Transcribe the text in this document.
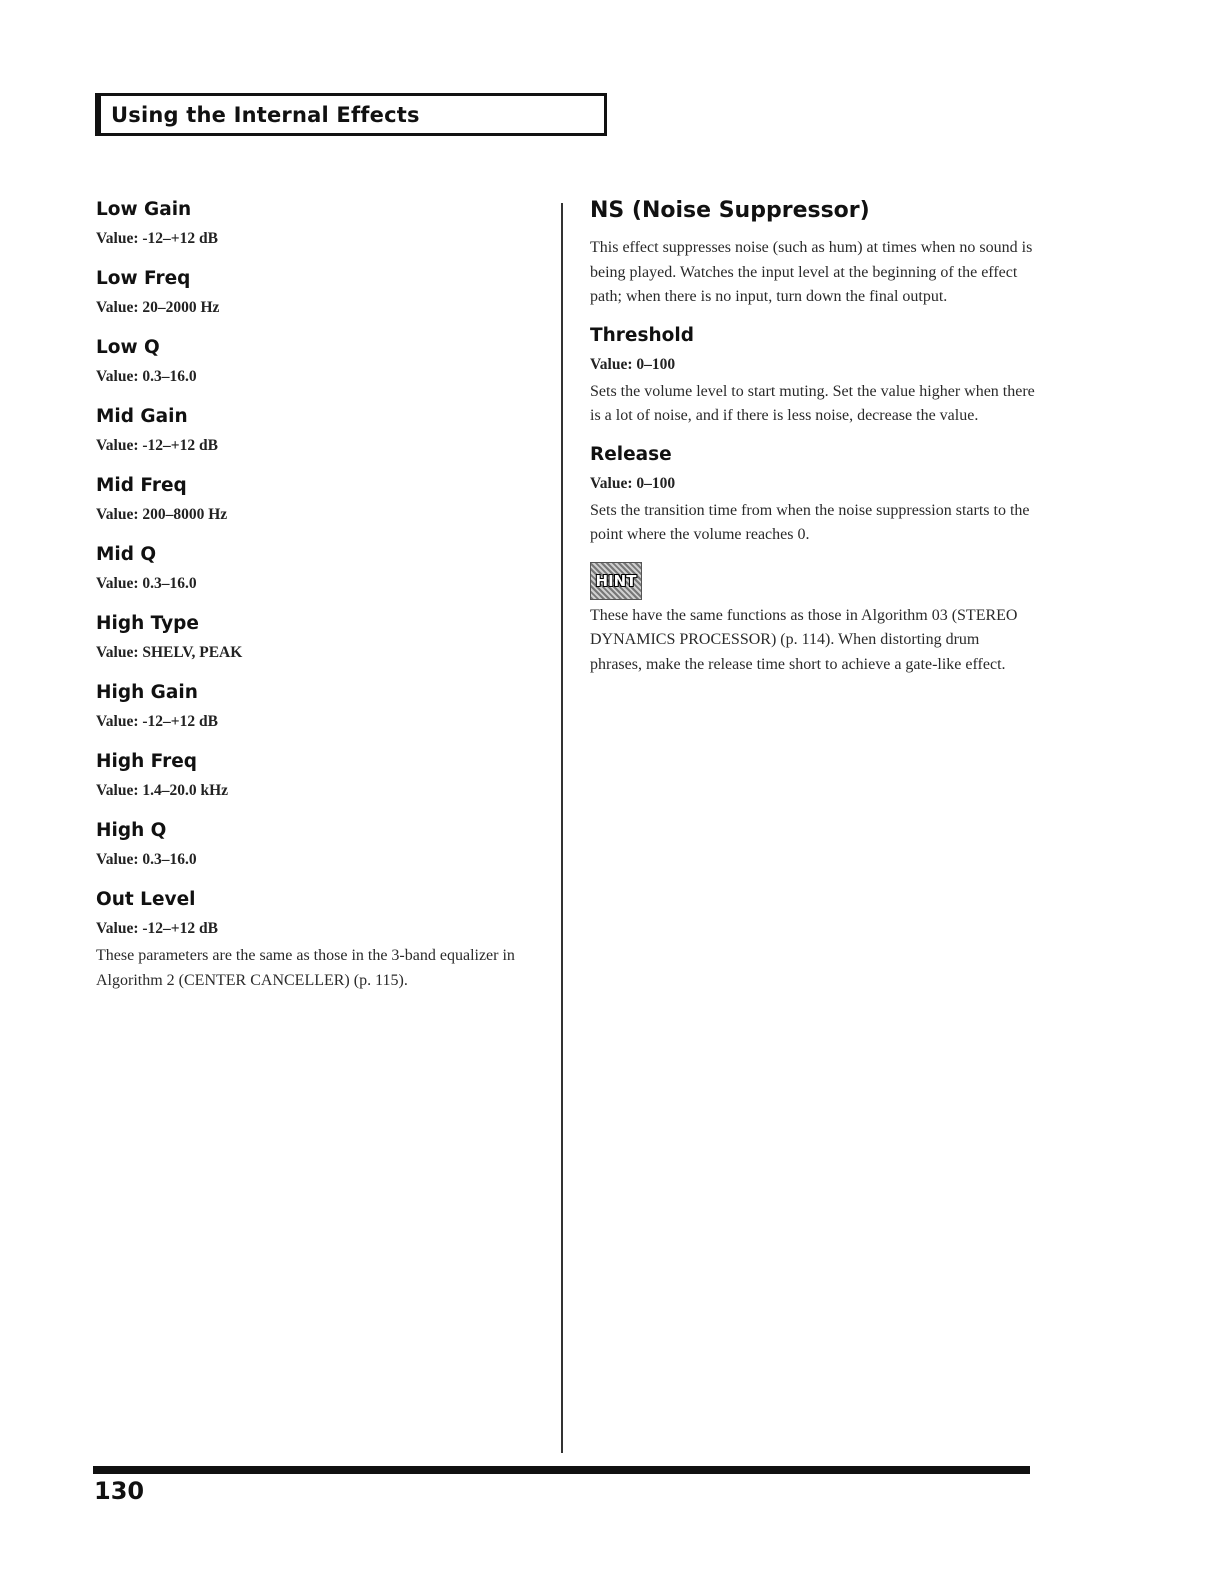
Using the Internal Effects

Low Gain

Value: -12–+12 dB

Low Freq

Value: 20–2000 Hz

Low Q

Value: 0.3–16.0

Mid Gain

Value: -12–+12 dB

Mid Freq

Value: 200–8000 Hz

Mid Q

Value: 0.3–16.0

High Type

Value: SHELV, PEAK

High Gain

Value: -12–+12 dB

High Freq

Value: 1.4–20.0 kHz

High Q

Value: 0.3–16.0

Out Level

Value: -12–+12 dB

These parameters are the same as those in the 3-band equalizer in Algorithm 2 (CENTER CANCELLER) (p. 115).

NS (Noise Suppressor)

This effect suppresses noise (such as hum) at times when no sound is being played. Watches the input level at the beginning of the effect path; when there is no input, turn down the final output.

Threshold

Value: 0–100

Sets the volume level to start muting. Set the value higher when there is a lot of noise, and if there is less noise, decrease the value.

Release

Value: 0–100

Sets the transition time from when the noise suppression starts to the point where the volume reaches 0.

HINT

These have the same functions as those in Algorithm 03 (STEREO DYNAMICS PROCESSOR) (p. 114). When distorting drum phrases, make the release time short to achieve a gate-like effect.

130
